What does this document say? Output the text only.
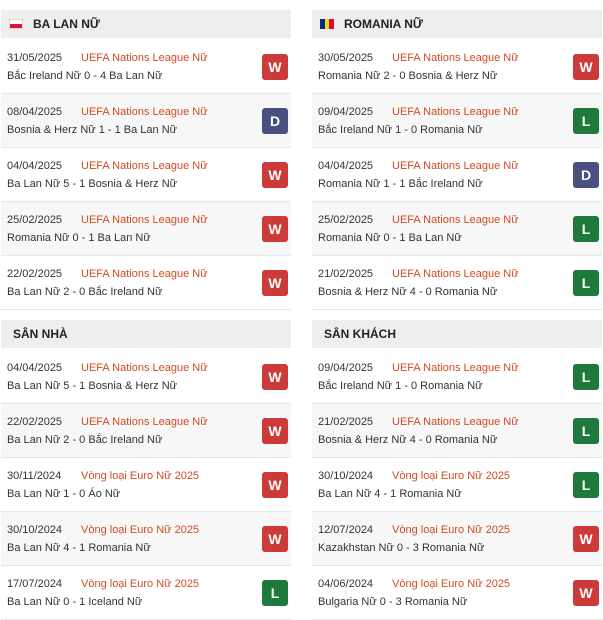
BA LAN NỮ
31/05/2025 UEFA Nations League Nữ
Bắc Ireland Nữ 0 - 4 Ba Lan Nữ
W
08/04/2025 UEFA Nations League Nữ
Bosnia & Herz Nữ 1 - 1 Ba Lan Nữ
D
04/04/2025 UEFA Nations League Nữ
Ba Lan Nữ 5 - 1 Bosnia & Herz Nữ
W
25/02/2025 UEFA Nations League Nữ
Romania Nữ 0 - 1 Ba Lan Nữ
W
22/02/2025 UEFA Nations League Nữ
Ba Lan Nữ 2 - 0 Bắc Ireland Nữ
W
SÂN NHÀ
04/04/2025 UEFA Nations League Nữ
Ba Lan Nữ 5 - 1 Bosnia & Herz Nữ
W
22/02/2025 UEFA Nations League Nữ
Ba Lan Nữ 2 - 0 Bắc Ireland Nữ
W
30/11/2024 Vòng loại Euro Nữ 2025
Ba Lan Nữ 1 - 0 Áo Nữ
W
30/10/2024 Vòng loại Euro Nữ 2025
Ba Lan Nữ 4 - 1 Romania Nữ
W
17/07/2024 Vòng loại Euro Nữ 2025
Ba Lan Nữ 0 - 1 Iceland Nữ
L
ROMANIA NỮ
30/05/2025 UEFA Nations League Nữ
Romania Nữ 2 - 0 Bosnia & Herz Nữ
W
09/04/2025 UEFA Nations League Nữ
Bắc Ireland Nữ 1 - 0 Romania Nữ
L
04/04/2025 UEFA Nations League Nữ
Romania Nữ 1 - 1 Bắc Ireland Nữ
D
25/02/2025 UEFA Nations League Nữ
Romania Nữ 0 - 1 Ba Lan Nữ
L
21/02/2025 UEFA Nations League Nữ
Bosnia & Herz Nữ 4 - 0 Romania Nữ
L
SÂN KHÁCH
09/04/2025 UEFA Nations League Nữ
Bắc Ireland Nữ 1 - 0 Romania Nữ
L
21/02/2025 UEFA Nations League Nữ
Bosnia & Herz Nữ 4 - 0 Romania Nữ
L
30/10/2024 Vòng loại Euro Nữ 2025
Ba Lan Nữ 4 - 1 Romania Nữ
L
12/07/2024 Vòng loại Euro Nữ 2025
Kazakhstan Nữ 0 - 3 Romania Nữ
W
04/06/2024 Vòng loại Euro Nữ 2025
Bulgaria Nữ 0 - 3 Romania Nữ
W
